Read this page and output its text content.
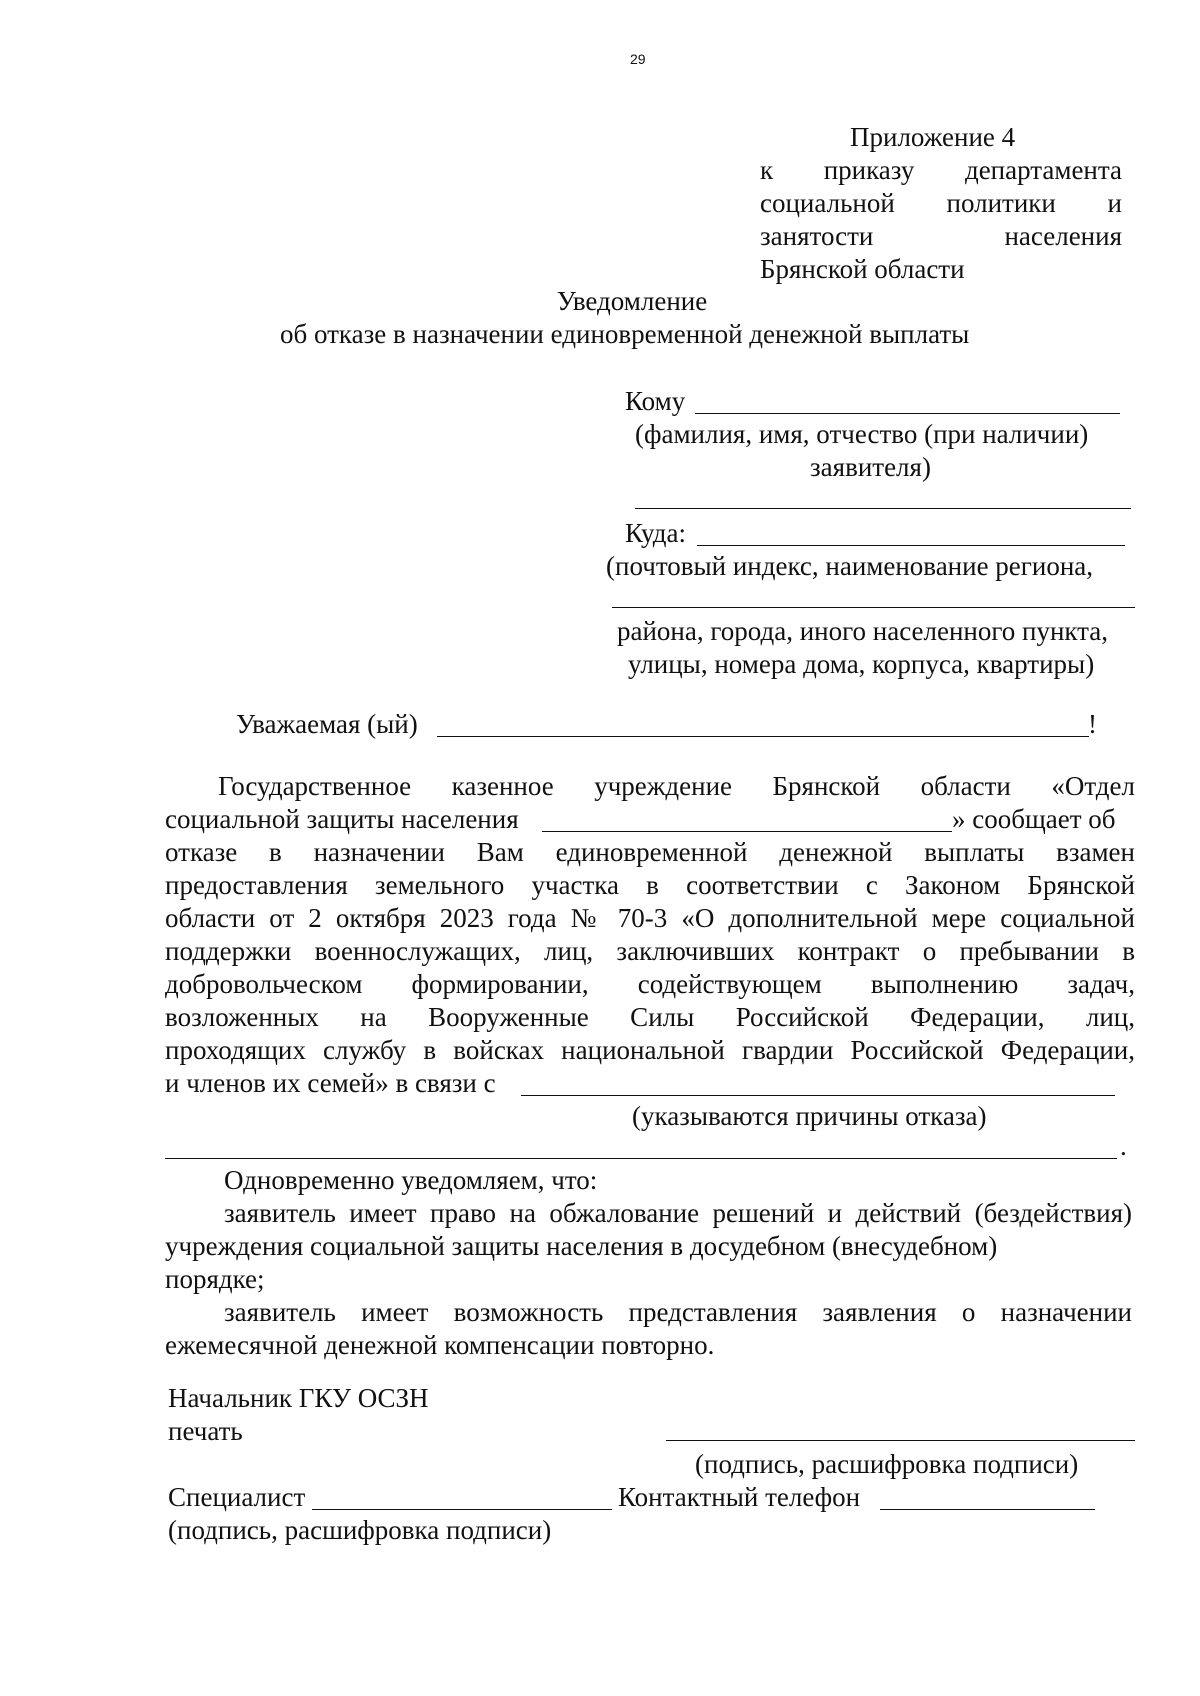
29
Приложение 4
к приказу департамента
социальной политики и
занятости	населения
Брянской области
Уведомление
об отказе в назначении единовременной денежной выплаты
Кому
(фамилия, имя, отчество (при наличии)
заявителя)
Куда:
(почтовый индекс, наименование региона,
района, города, иного населенного пункта,
улицы, номера дома, корпуса, квартиры)
Уважаемая (ый)	!
Государственное казенное учреждение Брянской области «Отдел
социальной защиты населения	» сообщает об
отказе в назначении Вам единовременной денежной выплаты взамен
предоставления земельного участка в соответствии с Законом Брянской
области от 2 октября 2023 года № 70-3 «О дополнительной мере социальной
поддержки военнослужащих, лиц, заключивших контракт о пребывании в
добровольческом формировании, содействующем выполнению задач,
возложенных на Вооруженные Силы Российской Федерации, лиц,
проходящих службу в войсках национальной гвардии Российской Федерации,
и членов их семей» в связи с
(указываются причины отказа)
.
Одновременно уведомляем, что:
заявитель имеет право на обжалование решений и действий (бездействия)
учреждения социальной защиты населения в досудебном (внесудебном)
порядке;
заявитель имеет возможность представления заявления о назначении
ежемесячной денежной компенсации повторно.
Начальник ГКУ ОСЗН
печать
(подпись, расшифровка подписи)
Специалист	Контактный телефон
(подпись, расшифровка подписи)
